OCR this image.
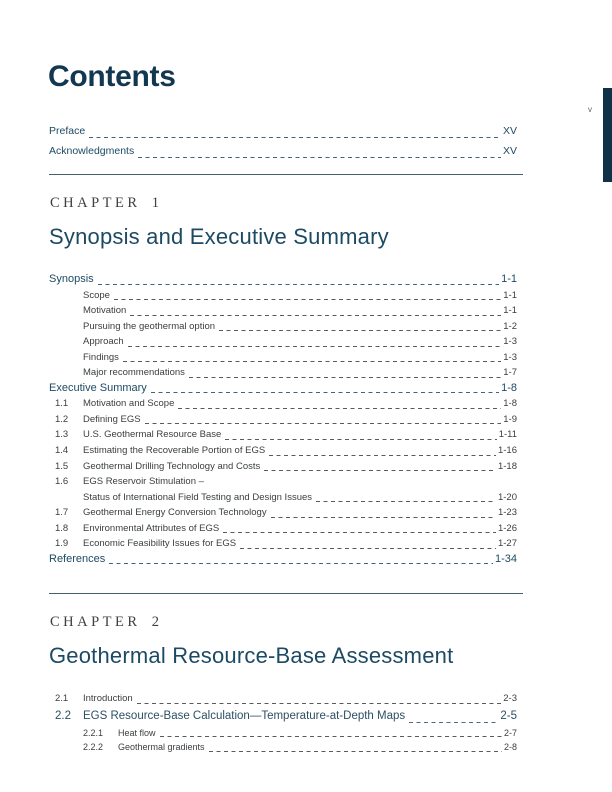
v
Contents
Preface	XV
Acknowledgments	XV
CHAPTER 1
Synopsis and Executive Summary
Synopsis	1-1
Scope	1-1
Motivation	1-1
Pursuing the geothermal option	1-2
Approach	1-3
Findings	1-3
Major recommendations	1-7
Executive Summary	1-8
1.1	Motivation and Scope	1-8
1.2	Defining EGS	1-9
1.3	U.S. Geothermal Resource Base	1-11
1.4	Estimating the Recoverable Portion of EGS	1-16
1.5	Geothermal Drilling Technology and Costs	1-18
1.6	EGS Reservoir Stimulation –
Status of International Field Testing and Design Issues	1-20
1.7	Geothermal Energy Conversion Technology	1-23
1.8	Environmental Attributes of EGS	1-26
1.9	Economic Feasibility Issues for EGS	1-27
References	1-34
CHAPTER 2
Geothermal Resource-Base Assessment
2.1	Introduction	2-3
2.2	EGS Resource-Base Calculation—Temperature-at-Depth Maps	2-5
2.2.1	Heat flow	2-7
2.2.2	Geothermal gradients	2-8
